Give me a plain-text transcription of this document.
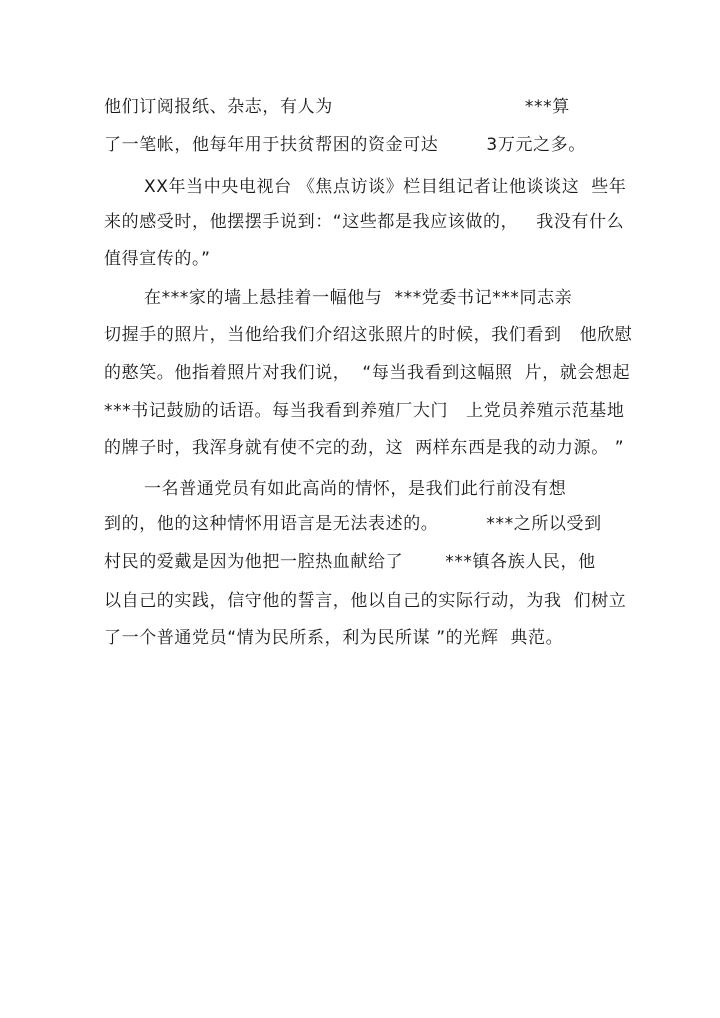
他们订阅报纸、杂志，有人为                                ***算
了一笔帐，他每年用于扶贫帮困的资金可达        3万元之多。
XX年当中央电视台 《焦点访谈》栏目组记者让他谈谈这  些年
来的感受时，他摆摆手说到：“这些都是我应该做的，   我没有什么
值得宣传的。”
在***家的墙上悬挂着一幅他与  ***党委书记***同志亲
切握手的照片，当他给我们介绍这张照片的时候，我们看到   他欣慰
的憨笑。他指着照片对我们说，  “每当我看到这幅照  片，就会想起
***书记鼓励的话语。每当我看到养殖厂大门   上党员养殖示范基地
的牌子时，我浑身就有使不完的劲，这  两样东西是我的动力源。 ”
一名普通党员有如此高尚的情怀，是我们此行前没有想
到的，他的这种情怀用语言是无法表述的。        ***之所以受到
村民的爱戴是因为他把一腔热血献给了       ***镇各族人民，他
以自己的实践，信守他的誓言，他以自己的实际行动，为我  们树立
了一个普通党员“情为民所系，利为民所谋 ”的光辉  典范。
